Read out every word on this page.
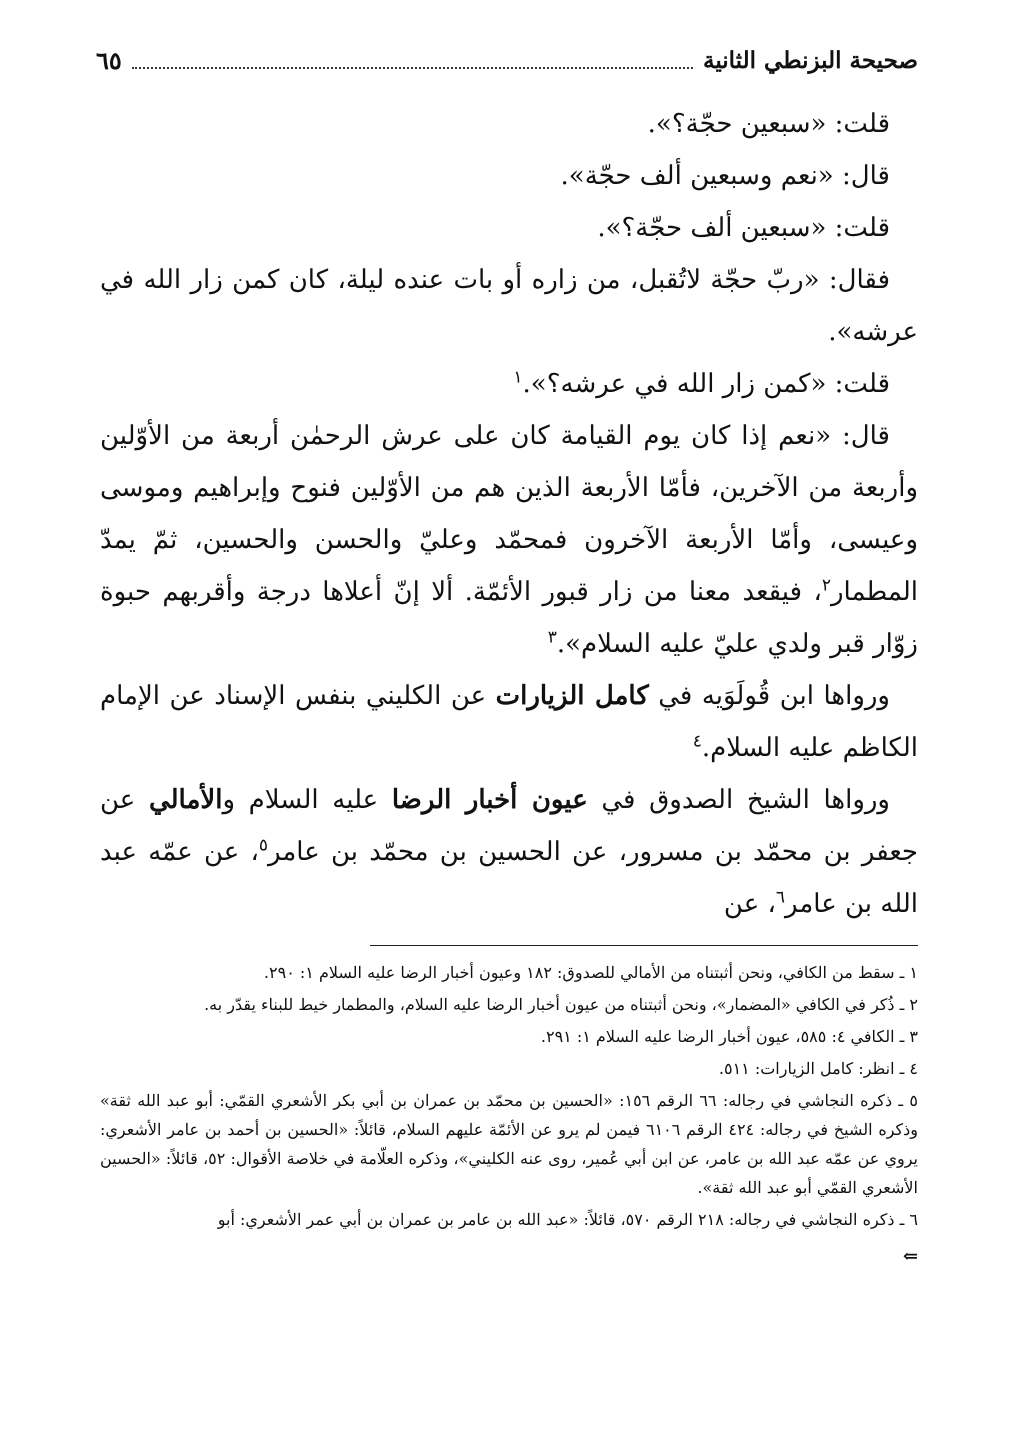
صحيحة البزنطي الثانية
٦٥

قلت: «سبعين حجّة؟».

قال: «نعم وسبعين ألف حجّة».

قلت: «سبعين ألف حجّة؟».

فقال: «ربّ حجّة لاتُقبل، من زاره أو بات عنده ليلة، كان كمن زار الله في عرشه».

قلت: «كمن زار الله في عرشه؟».$^١$

قال: «نعم إذا كان يوم القيامة كان على عرش الرحمٰن أربعة من الأوّلين وأربعة من الآخرين، فأمّا الأربعة الذين هم من الأوّلين فنوح وإبراهيم وموسى وعيسى، وأمّا الأربعة الآخرون فمحمّد وعليّ والحسن والحسين، ثمّ يمدّ المطمار$^٢$، فيقعد معنا من زار قبور الأئمّة. ألا إنّ أعلاها درجة وأقربهم حبوة زوّار قبر ولدي عليّ عليه السلام».$^٣$

ورواها ابن قُولَوَيه في كامل الزيارات عن الكليني بنفس الإسناد عن الإمام الكاظم عليه السلام.$^٤$

ورواها الشيخ الصدوق في عيون أخبار الرضا عليه السلام والأمالي عن جعفر بن محمّد بن مسرور، عن الحسين بن محمّد بن عامر$^٥$، عن عمّه عبد الله بن عامر$^٦$، عن

١ ـ سقط من الكافي، ونحن أثبتناه من الأمالي للصدوق: ١٨٢ وعيون أخبار الرضا عليه السلام ١: ٢٩٠.

٢ ـ ذُكر في الكافي «المضمار»، ونحن أثبتناه من عيون أخبار الرضا عليه السلام، والمطمار خيط للبناء يقدّر به.

٣ ـ الكافي ٤: ٥٨٥، عيون أخبار الرضا عليه السلام ١: ٢٩١.

٤ ـ انظر: كامل الزيارات: ٥١١.

٥ ـ ذكره النجاشي في رجاله: ٦٦ الرقم ١٥٦: «الحسين بن محمّد بن عمران بن أبي بكر الأشعري القمّي: أبو عبد الله ثقة» وذكره الشيخ في رجاله: ٤٢٤ الرقم ٦١٠٦ فيمن لم يرو عن الأئمّة عليهم السلام، قائلاً: «الحسين بن أحمد بن عامر الأشعري: يروي عن عمّه عبد الله بن عامر، عن ابن أبي عُمير، روى عنه الكليني»، وذكره العلّامة في خلاصة الأقوال: ٥٢، قائلاً: «الحسين الأشعري القمّي أبو عبد الله ثقة».

٦ ـ ذكره النجاشي في رجاله: ٢١٨ الرقم ٥٧٠، قائلاً: «عبد الله بن عامر بن عمران بن أبي عمر الأشعري: أبو

⇐
